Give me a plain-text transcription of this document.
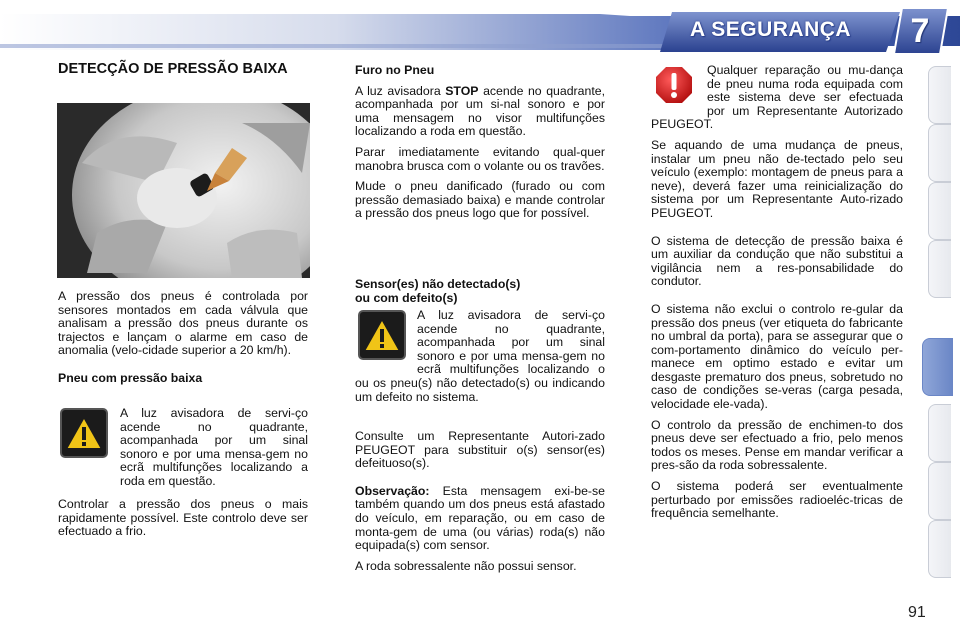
A SEGURANÇA	7
DETECÇÃO DE PRESSÃO BAIXA

A pressão dos pneus é controlada por sensores montados em cada válvula que analisam a pressão dos pneus durante os trajectos e lançam o alarme em caso de anomalia (velo-cidade superior a 20 km/h).

Pneu com pressão baixa

A luz avisadora de servi-ço acende no quadrante, acompanhada por um sinal sonoro e por uma mensa-gem no ecrã multifunções localizando a roda em questão.

Controlar a pressão dos pneus o mais rapidamente possível. Este controlo deve ser efectuado a frio.

Furo no Pneu

A luz avisadora STOP acende no quadrante, acompanhada por um si-nal sonoro e por uma mensagem no visor multifunções localizando a roda em questão.

Parar imediatamente evitando qual-quer manobra brusca com o volante ou os travões.

Mude o pneu danificado (furado ou com pressão demasiado baixa) e mande controlar a pressão dos pneus logo que for possível.

Sensor(es) não detectado(s)

ou com defeito(s)

A luz avisadora de servi-ço acende no quadrante, acompanhada por um sinal sonoro e por uma mensa-gem no ecrã multifunções localizando o ou os pneu(s) não detectado(s) ou indicando um defeito no sistema.

Consulte um Representante Autori-zado PEUGEOT para substituir o(s) sensor(es) defeituoso(s).

Observação: Esta mensagem exi-be-se também quando um dos pneus está afastado do veículo, em reparação, ou em caso de monta-gem de uma (ou várias) roda(s) não equipada(s) com sensor.

A roda sobressalente não possui sensor.

Qualquer reparação ou mu-dança de pneu numa roda equipada com este sistema deve ser efectuada por um Representante Autorizado PEUGEOT.

Se aquando de uma mudança de pneus, instalar um pneu não de-tectado pelo seu veículo (exemplo: montagem de pneus para a neve), deverá fazer uma reinicialização do sistema por um Representante Auto-rizado PEUGEOT.

O sistema de detecção de pressão baixa é um auxiliar da condução que não substitui a vigilância nem a res-ponsabilidade do condutor.

O sistema não exclui o controlo re-gular da pressão dos pneus (ver etiqueta do fabricante no umbral da porta), para se assegurar que o com-portamento dinâmico do veículo per-manece em optimo estado e evitar um desgaste prematuro dos pneus, sobretudo no caso de condições se-veras (carga pesada, velocidade ele-vada).

O controlo da pressão de enchimen-to dos pneus deve ser efectuado a frio, pelo menos todos os meses. Pense em mandar verificar a pres-são da roda sobressalente.

O sistema poderá ser eventualmente perturbado por emissões radioeléc-tricas de frequência semelhante.

91
